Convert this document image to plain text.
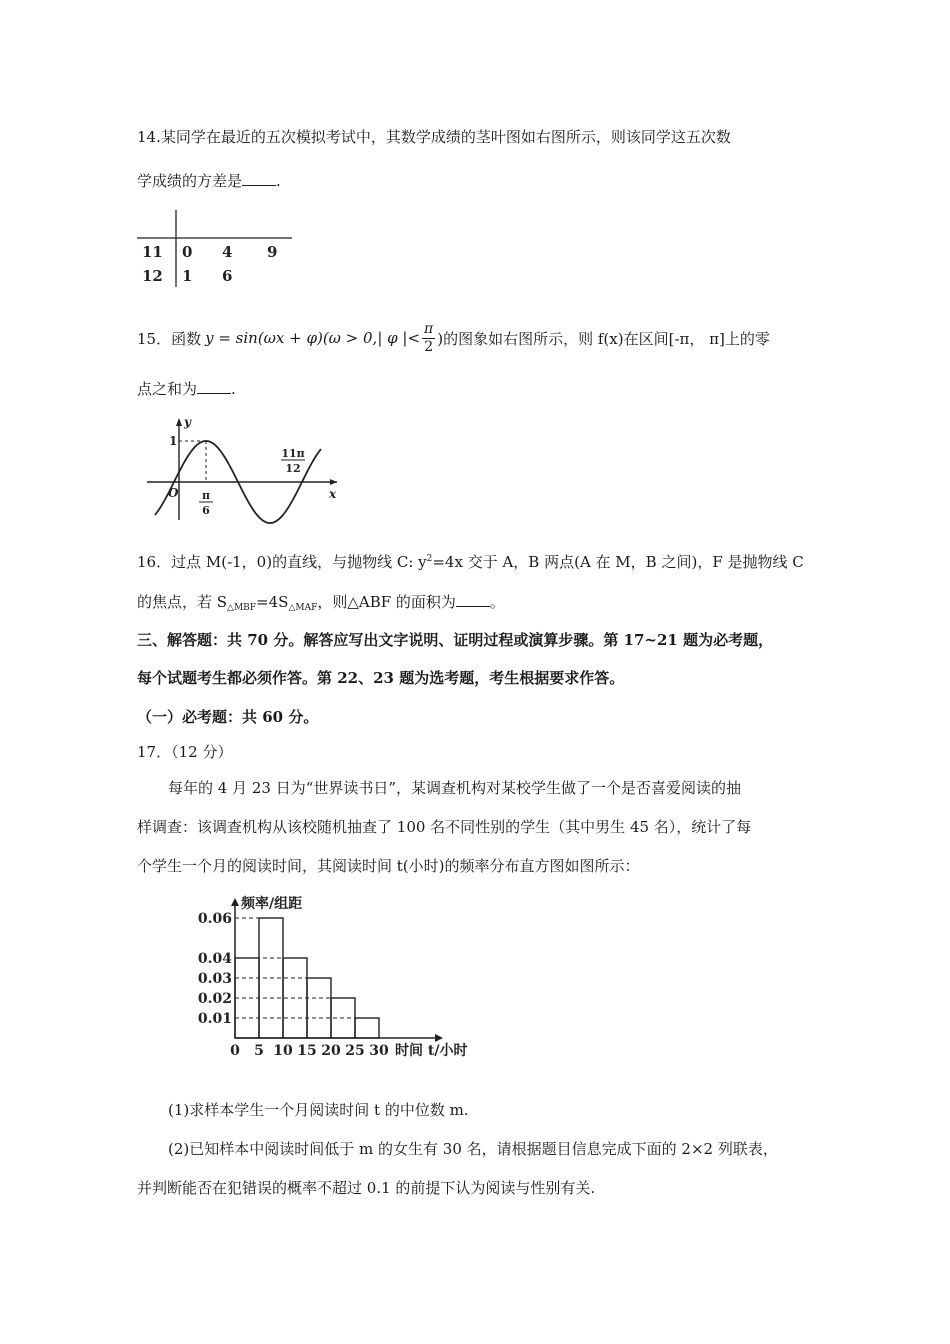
14.某同学在最近的五次模拟考试中，其数学成绩的茎叶图如右图所示，则该同学这五次数
学成绩的方差是 .
11 0 4 9
12 1 6
15．函数 y = sin(ωx + φ)(ω > 0,| φ |< $\frac{\pi}{2}$ )的图象如右图所示，则 f(x)在区间[-π， π]上的零
点之和为 .
y
x
O
1
π
6
11π
12
16．过点 M(-1，0)的直线，与抛物线 C: $y^2=4x$ 交于 A，B 两点(A 在 M，B 之间)，F 是抛物线 C
的焦点，若 $S_{\triangle MBF}=4S_{\triangle MAF}$，则△ABF 的面积为 。
三、解答题：共 70 分。解答应写出文字说明、证明过程或演算步骤。第 17~21 题为必考题，
每个试题考生都必须作答。第 22、23 题为选考题，考生根据要求作答。
（一）必考题：共 60 分。
17．（12 分）
每年的 4 月 23 日为“世界读书日”，某调查机构对某校学生做了一个是否喜爱阅读的抽
样调查：该调查机构从该校随机抽查了 100 名不同性别的学生（其中男生 45 名），统计了每
个学生一个月的阅读时间，其阅读时间 t(小时)的频率分布直方图如图所示：
0.06
0.04
0.03
0.02
0.01
0 5 10 15 20 25 30
频率/组距
时间 t/小时
(1)求样本学生一个月阅读时间 t 的中位数 m.
(2)已知样本中阅读时间低于 m 的女生有 30 名，请根据题目信息完成下面的 2×2 列联表，
并判断能否在犯错误的概率不超过 0.1 的前提下认为阅读与性别有关.
